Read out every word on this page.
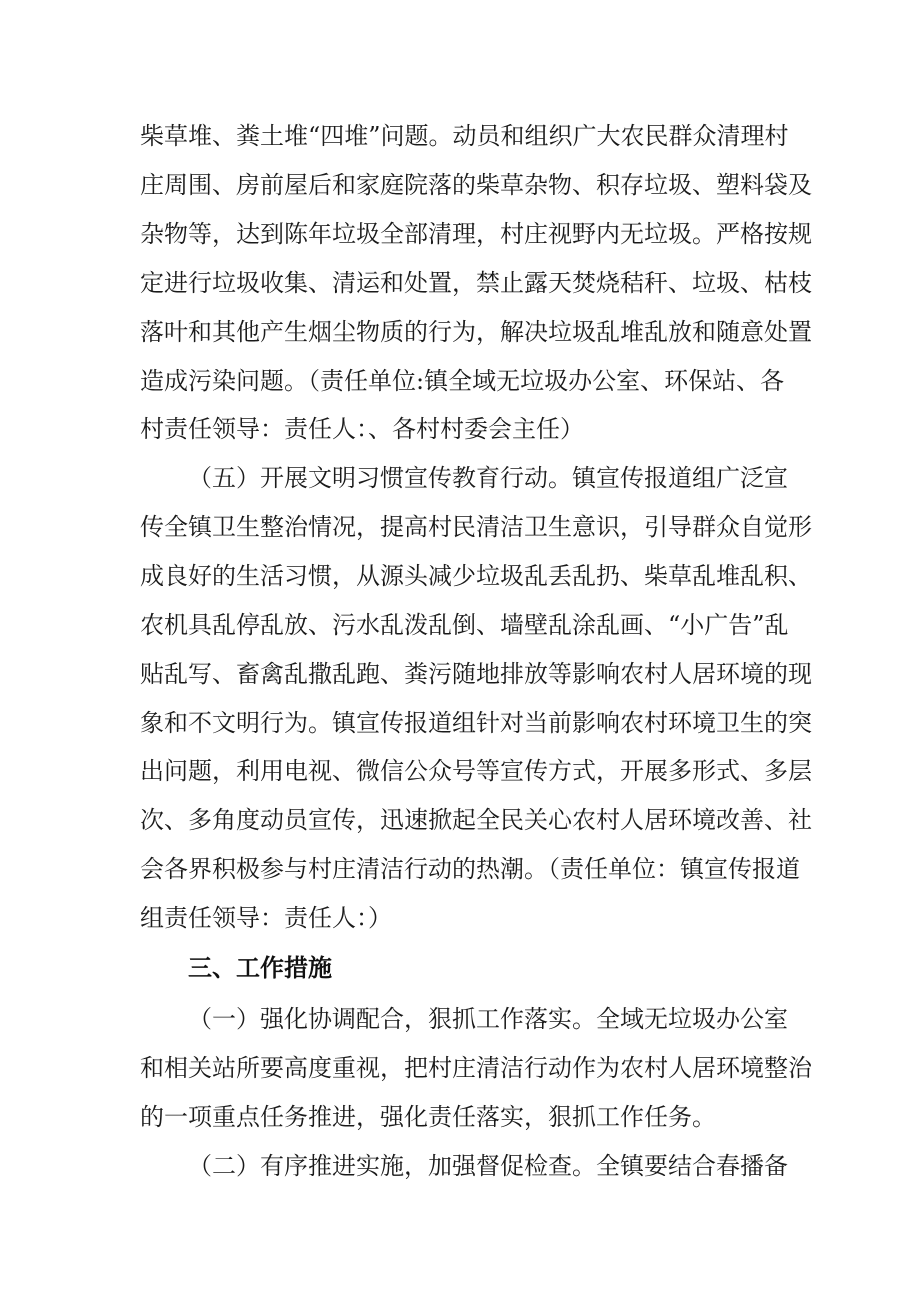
柴草堆、粪土堆“四堆”问题。动员和组织广大农民群众清理村
庄周围、房前屋后和家庭院落的柴草杂物、积存垃圾、塑料袋及
杂物等，达到陈年垃圾全部清理，村庄视野内无垃圾。严格按规
定进行垃圾收集、清运和处置，禁止露天焚烧秸秆、垃圾、枯枝
落叶和其他产生烟尘物质的行为，解决垃圾乱堆乱放和随意处置
造成污染问题。（责任单位:镇全域无垃圾办公室、环保站、各
村责任领导：责任人：、各村村委会主任）
（五）开展文明习惯宣传教育行动。镇宣传报道组广泛宣
传全镇卫生整治情况，提高村民清洁卫生意识，引导群众自觉形
成良好的生活习惯，从源头减少垃圾乱丢乱扔、柴草乱堆乱积、
农机具乱停乱放、污水乱泼乱倒、墙壁乱涂乱画、“小广告”乱
贴乱写、畜禽乱撒乱跑、粪污随地排放等影响农村人居环境的现
象和不文明行为。镇宣传报道组针对当前影响农村环境卫生的突
出问题，利用电视、微信公众号等宣传方式，开展多形式、多层
次、多角度动员宣传，迅速掀起全民关心农村人居环境改善、社
会各界积极参与村庄清洁行动的热潮。（责任单位：镇宣传报道
组责任领导：责任人：）
三、工作措施
（一）强化协调配合，狠抓工作落实。全域无垃圾办公室
和相关站所要高度重视，把村庄清洁行动作为农村人居环境整治
的一项重点任务推进，强化责任落实，狠抓工作任务。
（二）有序推进实施，加强督促检查。全镇要结合春播备
